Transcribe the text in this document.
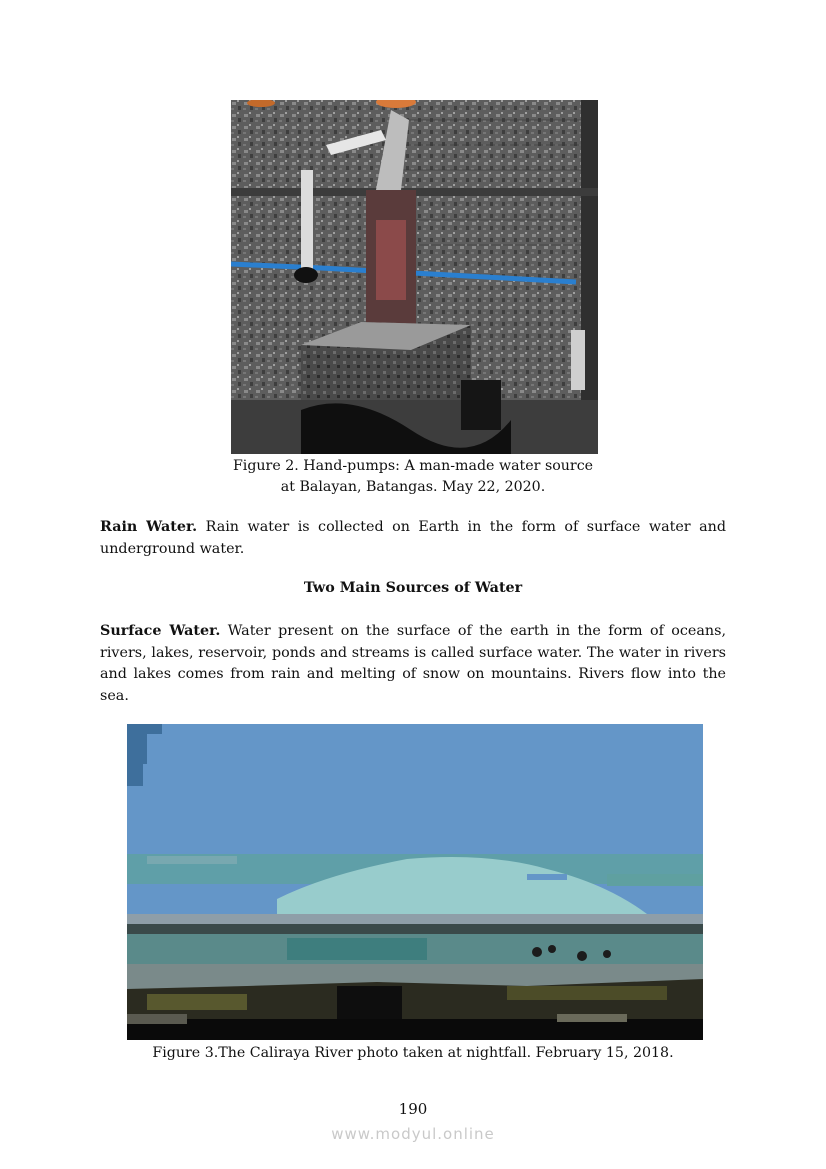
Figure 2. Hand-pumps: A man-made water source
at Balayan, Batangas. May 22, 2020.
Rain Water. Rain water is collected on Earth in the form of surface water and underground water.
Two Main Sources of Water
Surface Water. Water present on the surface of the earth in the form of oceans, rivers, lakes, reservoir, ponds and streams is called surface water. The water in rivers and lakes comes from rain and melting of snow on mountains. Rivers flow into the sea.
Figure 3.The Caliraya River photo taken at nightfall. February 15, 2018.
190
www.modyul.online
